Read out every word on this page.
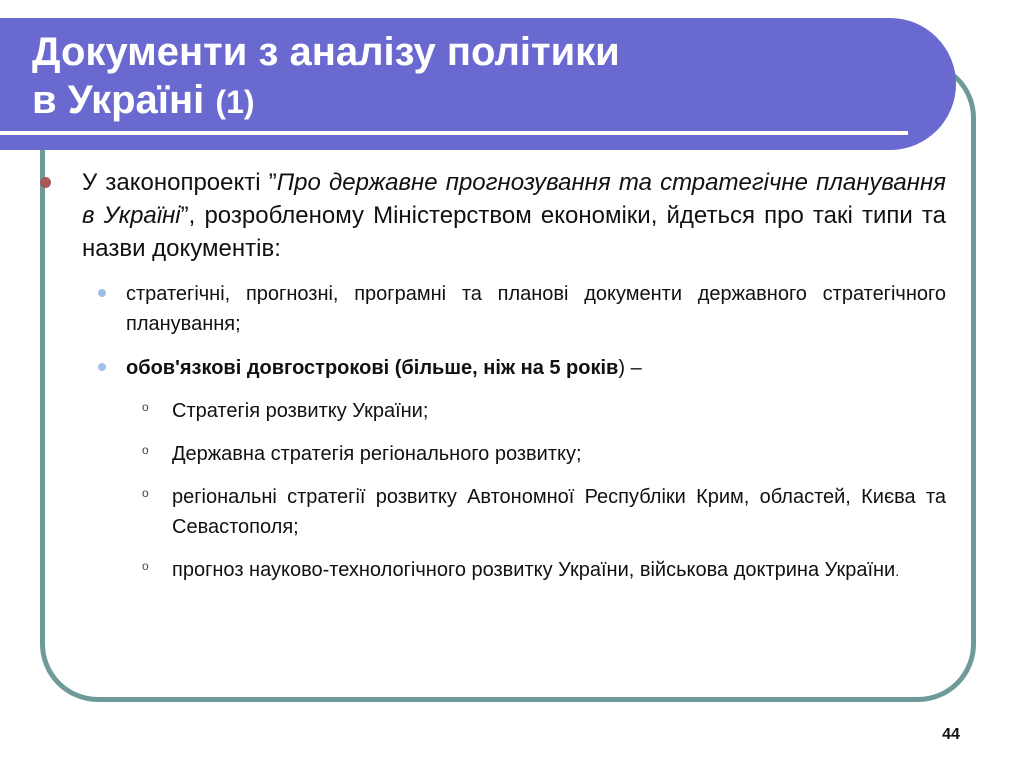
Документи з аналізу політики
в Україні (1)
У законопроекті ”Про державне прогнозування та стратегічне планування в Україні”, розробленому Міністерством економіки, йдеться про такі типи та назви документів:
стратегічні, прогнозні, програмні та планові документи державного стратегічного планування;
обов'язкові довгострокові (більше, ніж на 5 років) –
o Стратегія розвитку України;
o Державна стратегія регіонального розвитку;
o регіональні стратегії розвитку Автономної Республіки Крим, областей, Києва та Севастополя;
o прогноз науково-технологічного розвитку України, військова доктрина України.
44
